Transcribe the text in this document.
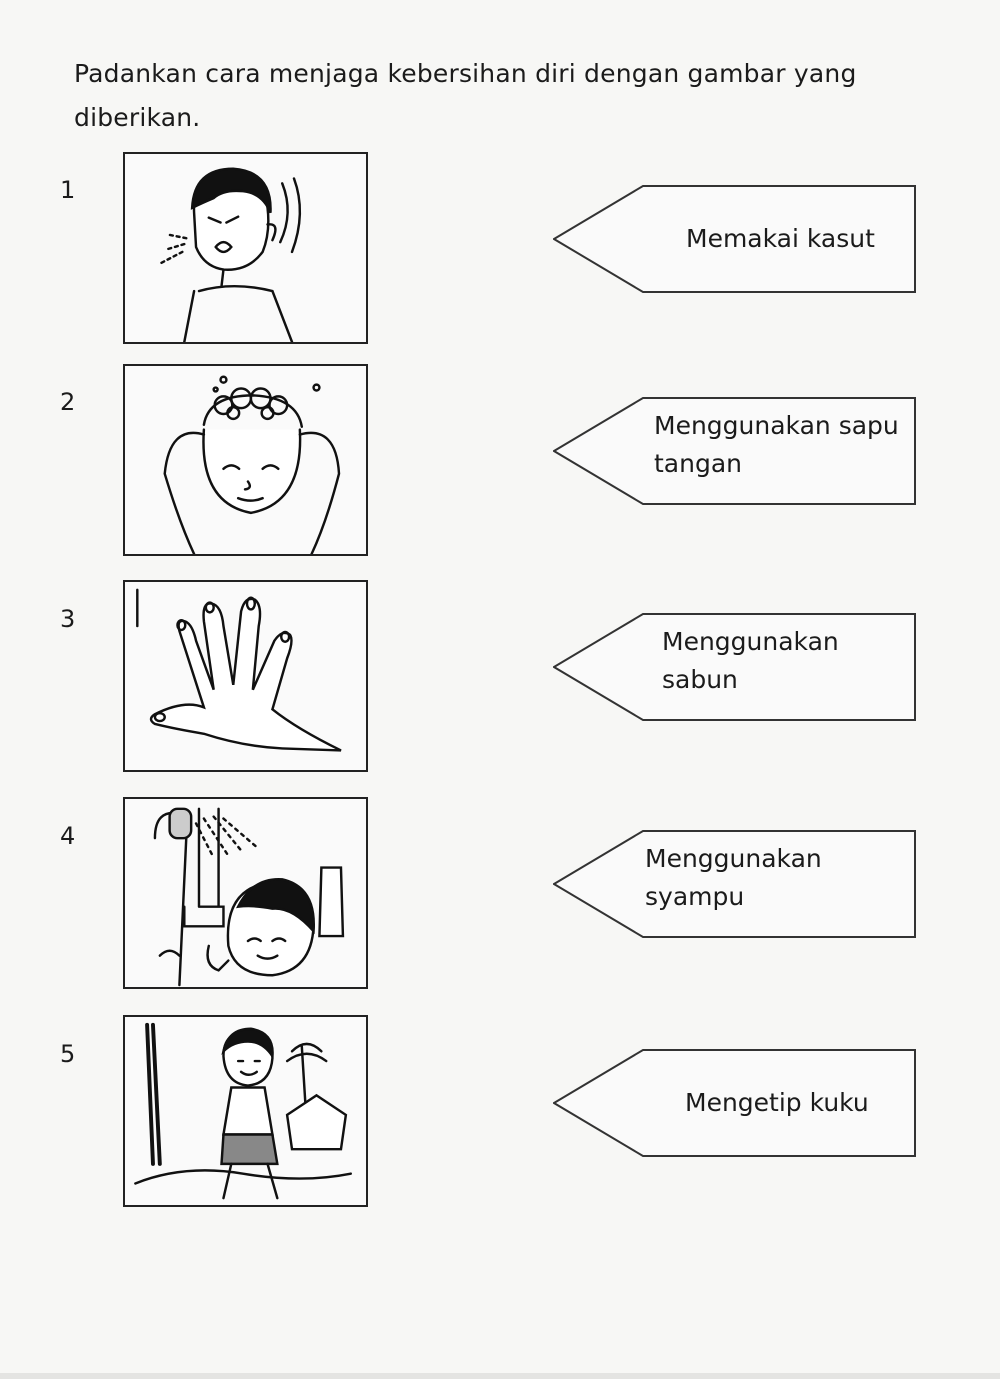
Padankan cara menjaga kebersihan diri dengan gambar yang diberikan.
1
Memakai kasut
2
Menggunakan sapu
tangan
3
Menggunakan
sabun
4
Menggunakan
syampu
5
Mengetip kuku
